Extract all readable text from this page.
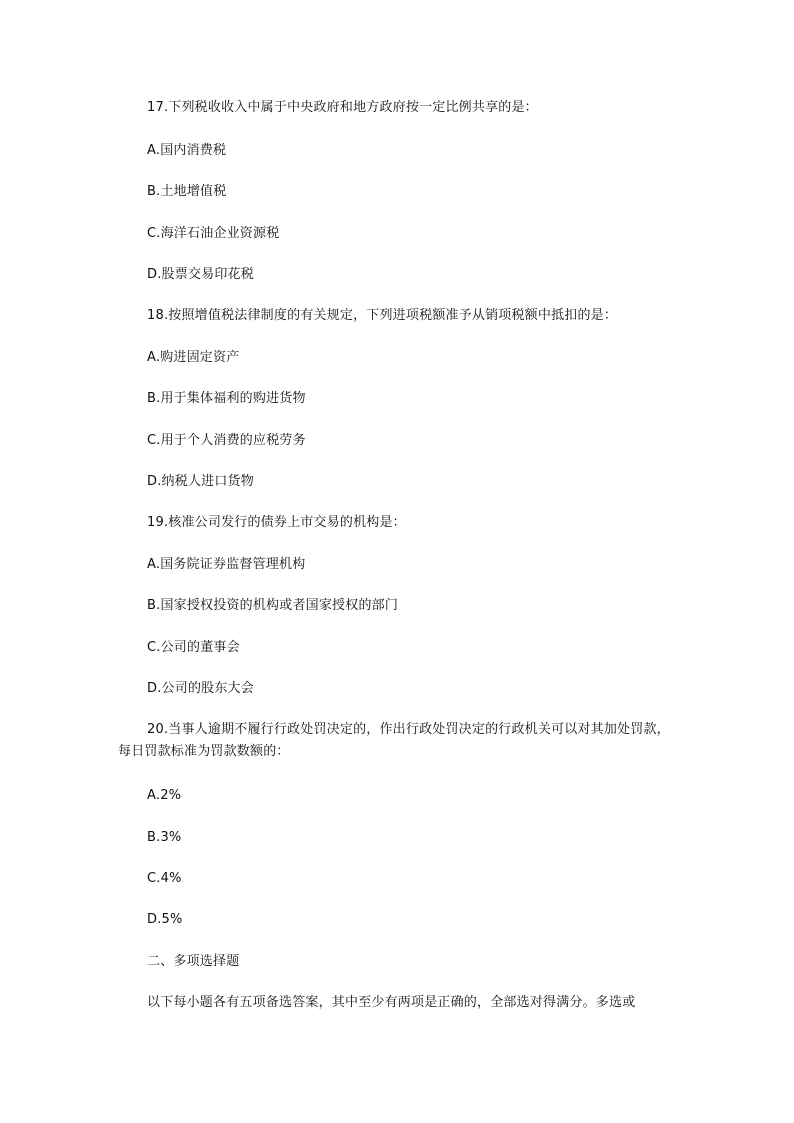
17.下列税收收入中属于中央政府和地方政府按一定比例共享的是：
A.国内消费税
B.土地增值税
C.海洋石油企业资源税
D.股票交易印花税
18.按照增值税法律制度的有关规定，下列进项税额准予从销项税额中抵扣的是：
A.购进固定资产
B.用于集体福利的购进货物
C.用于个人消费的应税劳务
D.纳税人进口货物
19.核准公司发行的债券上市交易的机构是：
A.国务院证券监督管理机构
B.国家授权投资的机构或者国家授权的部门
C.公司的董事会
D.公司的股东大会
20.当事人逾期不履行行政处罚决定的，作出行政处罚决定的行政机关可以对其加处罚款，每日罚款标准为罚款数额的：
A.2%
B.3%
C.4%
D.5%
二、多项选择题
以下每小题各有五项备选答案，其中至少有两项是正确的，全部选对得满分。多选或
